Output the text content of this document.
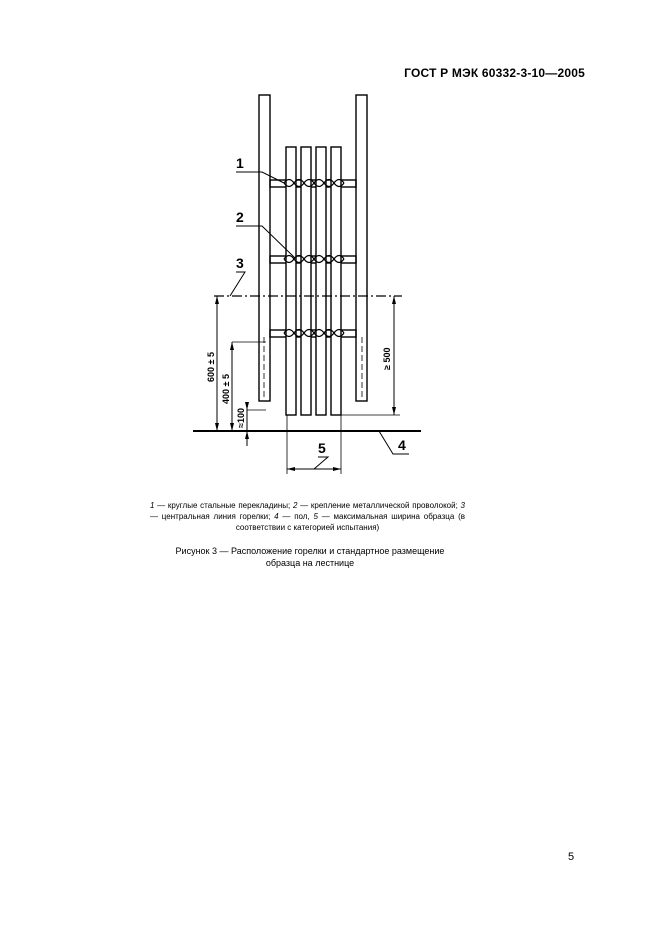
ГОСТ Р МЭК 60332-3-10—2005
1
2
3
4
5
600 ± 5
400 ± 5
≈100
≥ 500
1 — круглые стальные перекладины; 2 — крепление металлической проволокой; 3 — центральная линия горелки; 4 — пол, 5 — максимальная ширина образца (в соответствии с категорией испытания)
Рисунок 3 — Расположение горелки и стандартное размещение
образца на лестнице
5
